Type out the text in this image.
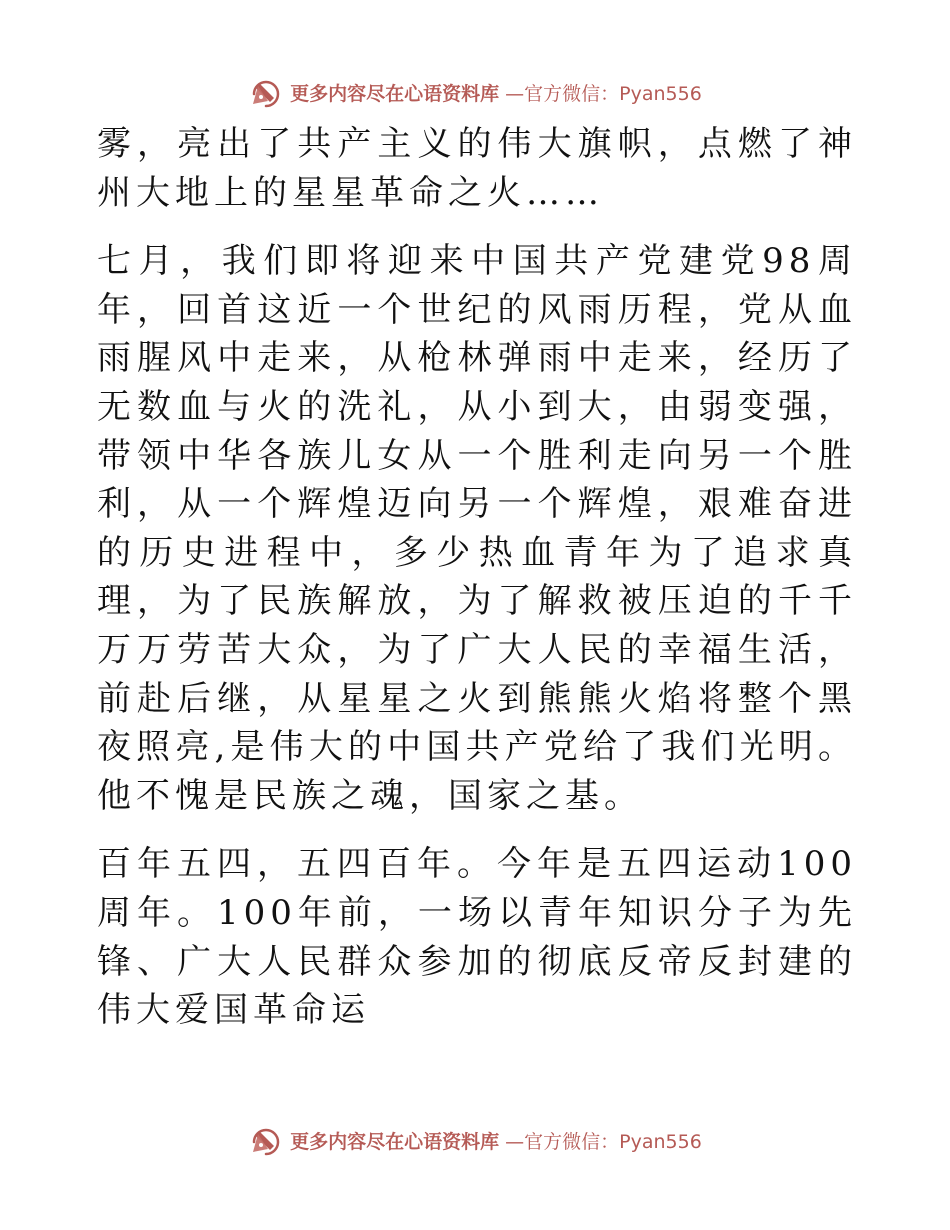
更多内容尽在心语资料库 —官方微信：Pyan556

雾，亮出了共产主义的伟大旗帜，点燃了神州大地上的星星革命之火……

七月，我们即将迎来中国共产党建党98周年，回首这近一个世纪的风雨历程，党从血雨腥风中走来，从枪林弹雨中走来，经历了无数血与火的洗礼，从小到大，由弱变强，带领中华各族儿女从一个胜利走向另一个胜利，从一个辉煌迈向另一个辉煌，艰难奋进的历史进程中，多少热血青年为了追求真理，为了民族解放，为了解救被压迫的千千万万劳苦大众，为了广大人民的幸福生活，前赴后继，从星星之火到熊熊火焰将整个黑夜照亮,是伟大的中国共产党给了我们光明。他不愧是民族之魂，国家之基。

百年五四，五四百年。今年是五四运动100周年。100年前，一场以青年知识分子为先锋、广大人民群众参加的彻底反帝反封建的伟大爱国革命运

更多内容尽在心语资料库 —官方微信：Pyan556
